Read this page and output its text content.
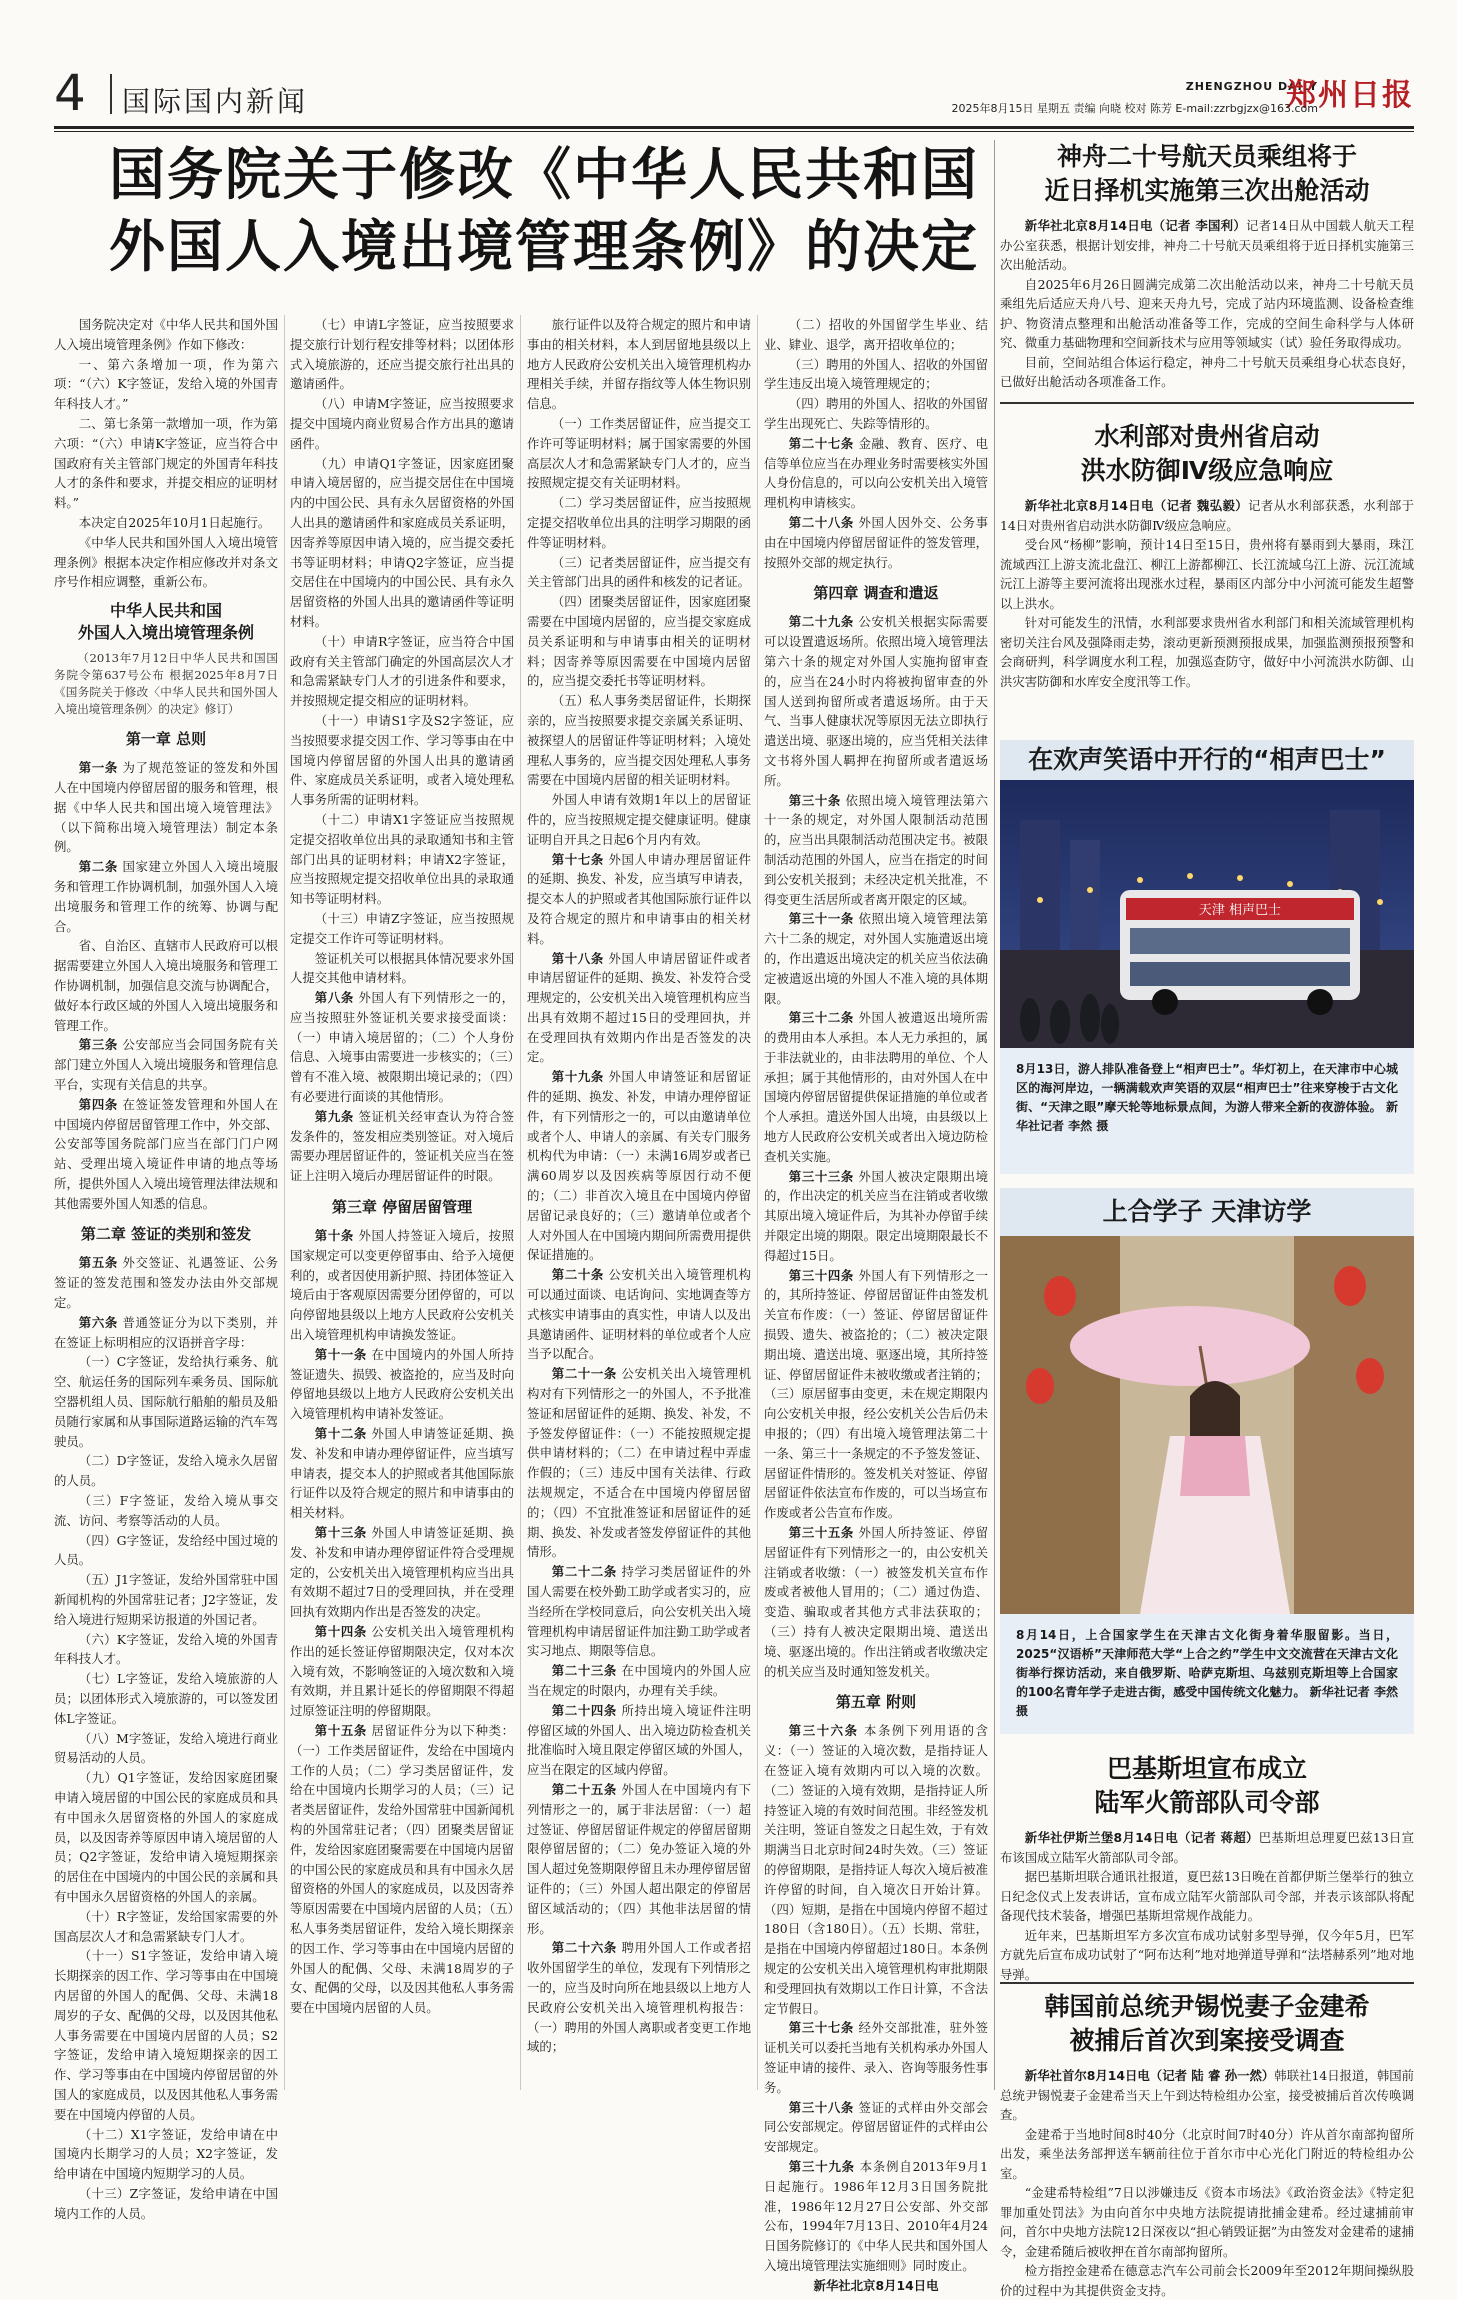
4 国际国内新闻	ZHENGZHOU DAILY
郑州日报
2025年8月15日 星期五 责编 向晓 校对 陈芳 E-mail:zzrbgjzx@163.com
国务院关于修改《中华人民共和国
外国人入境出境管理条例》的决定

国务院决定对《中华人民共和国外国人入境出境管理条例》作如下修改：

一、第六条增加一项，作为第六项：“（六）K字签证，发给入境的外国青年科技人才。”

二、第七条第一款增加一项，作为第六项：“（六）申请K字签证，应当符合中国政府有关主管部门规定的外国青年科技人才的条件和要求，并提交相应的证明材料。”

本决定自2025年10月1日起施行。

《中华人民共和国外国人入境出境管理条例》根据本决定作相应修改并对条文序号作相应调整，重新公布。

中华人民共和国
外国人入境出境管理条例

（2013年7月12日中华人民共和国国务院令第637号公布 根据2025年8月7日《国务院关于修改〈中华人民共和国外国人入境出境管理条例〉的决定》修订）

第一章 总则

第一条 为了规范签证的签发和外国人在中国境内停留居留的服务和管理，根据《中华人民共和国出境入境管理法》（以下简称出境入境管理法）制定本条例。

第二条 国家建立外国人入境出境服务和管理工作协调机制，加强外国人入境出境服务和管理工作的统筹、协调与配合。

省、自治区、直辖市人民政府可以根据需要建立外国人入境出境服务和管理工作协调机制，加强信息交流与协调配合，做好本行政区域的外国人入境出境服务和管理工作。

第三条 公安部应当会同国务院有关部门建立外国人入境出境服务和管理信息平台，实现有关信息的共享。

第四条 在签证签发管理和外国人在中国境内停留居留管理工作中，外交部、公安部等国务院部门应当在部门门户网站、受理出境入境证件申请的地点等场所，提供外国人入境出境管理法律法规和其他需要外国人知悉的信息。

第二章 签证的类别和签发

第五条 外交签证、礼遇签证、公务签证的签发范围和签发办法由外交部规定。

第六条 普通签证分为以下类别，并在签证上标明相应的汉语拼音字母：

（一）C字签证，发给执行乘务、航空、航运任务的国际列车乘务员、国际航空器机组人员、国际航行船舶的船员及船员随行家属和从事国际道路运输的汽车驾驶员。

（二）D字签证，发给入境永久居留的人员。

（三）F字签证，发给入境从事交流、访问、考察等活动的人员。

（四）G字签证，发给经中国过境的人员。

（五）J1字签证，发给外国常驻中国新闻机构的外国常驻记者；J2字签证，发给入境进行短期采访报道的外国记者。

（六）K字签证，发给入境的外国青年科技人才。

（七）L字签证，发给入境旅游的人员；以团体形式入境旅游的，可以签发团体L字签证。

（八）M字签证，发给入境进行商业贸易活动的人员。

（九）Q1字签证，发给因家庭团聚申请入境居留的中国公民的家庭成员和具有中国永久居留资格的外国人的家庭成员，以及因寄养等原因申请入境居留的人员；Q2字签证，发给申请入境短期探亲的居住在中国境内的中国公民的亲属和具有中国永久居留资格的外国人的亲属。

（十）R字签证，发给国家需要的外国高层次人才和急需紧缺专门人才。

（十一）S1字签证，发给申请入境长期探亲的因工作、学习等事由在中国境内居留的外国人的配偶、父母、未满18周岁的子女、配偶的父母，以及因其他私人事务需要在中国境内居留的人员；S2字签证，发给申请入境短期探亲的因工作、学习等事由在中国境内停留居留的外国人的家庭成员，以及因其他私人事务需要在中国境内停留的人员。

（十二）X1字签证，发给申请在中国境内长期学习的人员；X2字签证，发给申请在中国境内短期学习的人员。

（十三）Z字签证，发给申请在中国境内工作的人员。

（七）申请L字签证，应当按照要求提交旅行计划行程安排等材料；以团体形式入境旅游的，还应当提交旅行社出具的邀请函件。

（八）申请M字签证，应当按照要求提交中国境内商业贸易合作方出具的邀请函件。

（九）申请Q1字签证，因家庭团聚申请入境居留的，应当提交居住在中国境内的中国公民、具有永久居留资格的外国人出具的邀请函件和家庭成员关系证明，因寄养等原因申请入境的，应当提交委托书等证明材料；申请Q2字签证，应当提交居住在中国境内的中国公民、具有永久居留资格的外国人出具的邀请函件等证明材料。

（十）申请R字签证，应当符合中国政府有关主管部门确定的外国高层次人才和急需紧缺专门人才的引进条件和要求，并按照规定提交相应的证明材料。

（十一）申请S1字及S2字签证，应当按照要求提交因工作、学习等事由在中国境内停留居留的外国人出具的邀请函件、家庭成员关系证明，或者入境处理私人事务所需的证明材料。

（十二）申请X1字签证应当按照规定提交招收单位出具的录取通知书和主管部门出具的证明材料；申请X2字签证，应当按照规定提交招收单位出具的录取通知书等证明材料。

（十三）申请Z字签证，应当按照规定提交工作许可等证明材料。

签证机关可以根据具体情况要求外国人提交其他申请材料。

第八条 外国人有下列情形之一的，应当按照驻外签证机关要求接受面谈：（一）申请入境居留的；（二）个人身份信息、入境事由需要进一步核实的；（三）曾有不准入境、被限期出境记录的；（四）有必要进行面谈的其他情形。

第九条 签证机关经审查认为符合签发条件的，签发相应类别签证。对入境后需要办理居留证件的，签证机关应当在签证上注明入境后办理居留证件的时限。

第三章 停留居留管理

第十条 外国人持签证入境后，按照国家规定可以变更停留事由、给予入境便利的，或者因使用新护照、持团体签证入境后由于客观原因需要分团停留的，可以向停留地县级以上地方人民政府公安机关出入境管理机构申请换发签证。

第十一条 在中国境内的外国人所持签证遗失、损毁、被盗抢的，应当及时向停留地县级以上地方人民政府公安机关出入境管理机构申请补发签证。

第十二条 外国人申请签证延期、换发、补发和申请办理停留证件，应当填写申请表，提交本人的护照或者其他国际旅行证件以及符合规定的照片和申请事由的相关材料。

第十三条 外国人申请签证延期、换发、补发和申请办理停留证件符合受理规定的，公安机关出入境管理机构应当出具有效期不超过7日的受理回执，并在受理回执有效期内作出是否签发的决定。

第十四条 公安机关出入境管理机构作出的延长签证停留期限决定，仅对本次入境有效，不影响签证的入境次数和入境有效期，并且累计延长的停留期限不得超过原签证注明的停留期限。

第十五条 居留证件分为以下种类：（一）工作类居留证件，发给在中国境内工作的人员；（二）学习类居留证件，发给在中国境内长期学习的人员；（三）记者类居留证件，发给外国常驻中国新闻机构的外国常驻记者；（四）团聚类居留证件，发给因家庭团聚需要在中国境内居留的中国公民的家庭成员和具有中国永久居留资格的外国人的家庭成员，以及因寄养等原因需要在中国境内居留的人员；（五）私人事务类居留证件，发给入境长期探亲的因工作、学习等事由在中国境内居留的外国人的配偶、父母、未满18周岁的子女、配偶的父母，以及因其他私人事务需要在中国境内居留的人员。

旅行证件以及符合规定的照片和申请事由的相关材料，本人到居留地县级以上地方人民政府公安机关出入境管理机构办理相关手续，并留存指纹等人体生物识别信息。

（一）工作类居留证件，应当提交工作许可等证明材料；属于国家需要的外国高层次人才和急需紧缺专门人才的，应当按照规定提交有关证明材料。

（二）学习类居留证件，应当按照规定提交招收单位出具的注明学习期限的函件等证明材料。

（三）记者类居留证件，应当提交有关主管部门出具的函件和核发的记者证。

（四）团聚类居留证件，因家庭团聚需要在中国境内居留的，应当提交家庭成员关系证明和与申请事由相关的证明材料；因寄养等原因需要在中国境内居留的，应当提交委托书等证明材料。

（五）私人事务类居留证件，长期探亲的，应当按照要求提交亲属关系证明、被探望人的居留证件等证明材料；入境处理私人事务的，应当提交因处理私人事务需要在中国境内居留的相关证明材料。

外国人申请有效期1年以上的居留证件的，应当按照规定提交健康证明。健康证明自开具之日起6个月内有效。

第十七条 外国人申请办理居留证件的延期、换发、补发，应当填写申请表，提交本人的护照或者其他国际旅行证件以及符合规定的照片和申请事由的相关材料。

第十八条 外国人申请居留证件或者申请居留证件的延期、换发、补发符合受理规定的，公安机关出入境管理机构应当出具有效期不超过15日的受理回执，并在受理回执有效期内作出是否签发的决定。

第十九条 外国人申请签证和居留证件的延期、换发、补发，申请办理停留证件，有下列情形之一的，可以由邀请单位或者个人、申请人的亲属、有关专门服务机构代为申请：（一）未满16周岁或者已满60周岁以及因疾病等原因行动不便的；（二）非首次入境且在中国境内停留居留记录良好的；（三）邀请单位或者个人对外国人在中国境内期间所需费用提供保证措施的。

第二十条 公安机关出入境管理机构可以通过面谈、电话询问、实地调查等方式核实申请事由的真实性，申请人以及出具邀请函件、证明材料的单位或者个人应当予以配合。

第二十一条 公安机关出入境管理机构对有下列情形之一的外国人，不予批准签证和居留证件的延期、换发、补发，不予签发停留证件：（一）不能按照规定提供申请材料的；（二）在申请过程中弄虚作假的；（三）违反中国有关法律、行政法规规定，不适合在中国境内停留居留的；（四）不宜批准签证和居留证件的延期、换发、补发或者签发停留证件的其他情形。

第二十二条 持学习类居留证件的外国人需要在校外勤工助学或者实习的，应当经所在学校同意后，向公安机关出入境管理机构申请居留证件加注勤工助学或者实习地点、期限等信息。

第二十三条 在中国境内的外国人应当在规定的时限内，办理有关手续。

第二十四条 所持出境入境证件注明停留区域的外国人、出入境边防检查机关批准临时入境且限定停留区域的外国人，应当在限定的区域内停留。

第二十五条 外国人在中国境内有下列情形之一的，属于非法居留：（一）超过签证、停留居留证件规定的停留居留期限停留居留的；（二）免办签证入境的外国人超过免签期限停留且未办理停留居留证件的；（三）外国人超出限定的停留居留区域活动的；（四）其他非法居留的情形。

第二十六条 聘用外国人工作或者招收外国留学生的单位，发现有下列情形之一的，应当及时向所在地县级以上地方人民政府公安机关出入境管理机构报告：（一）聘用的外国人离职或者变更工作地域的；

（二）招收的外国留学生毕业、结业、肄业、退学，离开招收单位的；

（三）聘用的外国人、招收的外国留学生违反出境入境管理规定的；

（四）聘用的外国人、招收的外国留学生出现死亡、失踪等情形的。

第二十七条 金融、教育、医疗、电信等单位应当在办理业务时需要核实外国人身份信息的，可以向公安机关出入境管理机构申请核实。

第二十八条 外国人因外交、公务事由在中国境内停留居留证件的签发管理，按照外交部的规定执行。

第四章 调查和遣返

第二十九条 公安机关根据实际需要可以设置遣返场所。依照出境入境管理法第六十条的规定对外国人实施拘留审查的，应当在24小时内将被拘留审查的外国人送到拘留所或者遣返场所。由于天气、当事人健康状况等原因无法立即执行遣送出境、驱逐出境的，应当凭相关法律文书将外国人羁押在拘留所或者遣返场所。

第三十条 依照出境入境管理法第六十一条的规定，对外国人限制活动范围的，应当出具限制活动范围决定书。被限制活动范围的外国人，应当在指定的时间到公安机关报到；未经决定机关批准，不得变更生活居所或者离开限定的区域。

第三十一条 依照出境入境管理法第六十二条的规定，对外国人实施遣返出境的，作出遣返出境决定的机关应当依法确定被遣返出境的外国人不准入境的具体期限。

第三十二条 外国人被遣返出境所需的费用由本人承担。本人无力承担的，属于非法就业的，由非法聘用的单位、个人承担；属于其他情形的，由对外国人在中国境内停留居留提供保证措施的单位或者个人承担。遣送外国人出境，由县级以上地方人民政府公安机关或者出入境边防检查机关实施。

第三十三条 外国人被决定限期出境的，作出决定的机关应当在注销或者收缴其原出境入境证件后，为其补办停留手续并限定出境的期限。限定出境期限最长不得超过15日。

第三十四条 外国人有下列情形之一的，其所持签证、停留居留证件由签发机关宣布作废：（一）签证、停留居留证件损毁、遗失、被盗抢的；（二）被决定限期出境、遣送出境、驱逐出境，其所持签证、停留居留证件未被收缴或者注销的；（三）原居留事由变更，未在规定期限内向公安机关申报，经公安机关公告后仍未申报的；（四）有出境入境管理法第二十一条、第三十一条规定的不予签发签证、居留证件情形的。签发机关对签证、停留居留证件依法宣布作废的，可以当场宣布作废或者公告宣布作废。

第三十五条 外国人所持签证、停留居留证件有下列情形之一的，由公安机关注销或者收缴：（一）被签发机关宣布作废或者被他人冒用的；（二）通过伪造、变造、骗取或者其他方式非法获取的；（三）持有人被决定限期出境、遣送出境、驱逐出境的。作出注销或者收缴决定的机关应当及时通知签发机关。

第五章 附则

第三十六条 本条例下列用语的含义：（一）签证的入境次数，是指持证人在签证入境有效期内可以入境的次数。（二）签证的入境有效期，是指持证人所持签证入境的有效时间范围。非经签发机关注明，签证自签发之日起生效，于有效期满当日北京时间24时失效。（三）签证的停留期限，是指持证人每次入境后被准许停留的时间，自入境次日开始计算。（四）短期，是指在中国境内停留不超过180日（含180日）。（五）长期、常驻，是指在中国境内停留超过180日。本条例规定的公安机关出入境管理机构审批期限和受理回执有效期以工作日计算，不含法定节假日。

第三十七条 经外交部批准，驻外签证机关可以委托当地有关机构承办外国人签证申请的接件、录入、咨询等服务性事务。

第三十八条 签证的式样由外交部会同公安部规定。停留居留证件的式样由公安部规定。

第三十九条 本条例自2013年9月1日起施行。1986年12月3日国务院批准，1986年12月27日公安部、外交部公布，1994年7月13日、2010年4月24日国务院修订的《中华人民共和国外国人入境出境管理法实施细则》同时废止。

新华社北京8月14日电

神舟二十号航天员乘组将于
近日择机实施第三次出舱活动

新华社北京8月14日电（记者 李国利）记者14日从中国载人航天工程办公室获悉，根据计划安排，神舟二十号航天员乘组将于近日择机实施第三次出舱活动。

自2025年6月26日圆满完成第二次出舱活动以来，神舟二十号航天员乘组先后适应天舟八号、迎来天舟九号，完成了站内环境监测、设备检查维护、物资清点整理和出舱活动准备等工作，完成的空间生命科学与人体研究、微重力基础物理和空间新技术与应用等领域实（试）验任务取得成功。

目前，空间站组合体运行稳定，神舟二十号航天员乘组身心状态良好，已做好出舱活动各项准备工作。

水利部对贵州省启动
洪水防御Ⅳ级应急响应

新华社北京8月14日电（记者 魏弘毅）记者从水利部获悉，水利部于14日对贵州省启动洪水防御Ⅳ级应急响应。

受台风“杨柳”影响，预计14日至15日，贵州将有暴雨到大暴雨，珠江流域西江上游支流北盘江、柳江上游都柳江、长江流域乌江上游、沅江流域沅江上游等主要河流将出现涨水过程，暴雨区内部分中小河流可能发生超警以上洪水。

针对可能发生的汛情，水利部要求贵州省水利部门和相关流域管理机构密切关注台风及强降雨走势，滚动更新预测预报成果，加强监测预报预警和会商研判，科学调度水利工程，加强巡查防守，做好中小河流洪水防御、山洪灾害防御和水库安全度汛等工作。

在欢声笑语中开行的“相声巴士”
天津 相声巴士
8月13日，游人排队准备登上“相声巴士”。华灯初上，在天津市中心城区的海河岸边，一辆满载欢声笑语的双层“相声巴士”往来穿梭于古文化街、“天津之眼”摩天轮等地标景点间，为游人带来全新的夜游体验。 新华社记者 李然 摄
上合学子 天津访学
8月14日，上合国家学生在天津古文化街身着华服留影。当日，2025“汉语桥”天津师范大学“上合之约”学生中文交流营在天津古文化街举行探访活动，来自俄罗斯、哈萨克斯坦、乌兹别克斯坦等上合国家的100名青年学子走进古街，感受中国传统文化魅力。 新华社记者 李然 摄
巴基斯坦宣布成立
陆军火箭部队司令部

新华社伊斯兰堡8月14日电（记者 蒋超）巴基斯坦总理夏巴兹13日宣布该国成立陆军火箭部队司令部。

据巴基斯坦联合通讯社报道，夏巴兹13日晚在首都伊斯兰堡举行的独立日纪念仪式上发表讲话，宣布成立陆军火箭部队司令部，并表示该部队将配备现代技术装备，增强巴基斯坦常规作战能力。

近年来，巴基斯坦军方多次宣布成功试射多型导弹，仅今年5月，巴军方就先后宣布成功试射了“阿布达利”地对地弹道导弹和“法塔赫系列”地对地导弹。

韩国前总统尹锡悦妻子金建希
被捕后首次到案接受调查

新华社首尔8月14日电（记者 陆 睿 孙一然）韩联社14日报道，韩国前总统尹锡悦妻子金建希当天上午到达特检组办公室，接受被捕后首次传唤调查。

金建希于当地时间8时40分（北京时间7时40分）许从首尔南部拘留所出发，乘坐法务部押送车辆前往位于首尔市中心光化门附近的特检组办公室。

“金建希特检组”7日以涉嫌违反《资本市场法》《政治资金法》《特定犯罪加重处罚法》为由向首尔中央地方法院提请批捕金建希。经过逮捕前审问，首尔中央地方法院12日深夜以“担心销毁证据”为由签发对金建希的逮捕令，金建希随后被收押在首尔南部拘留所。

检方指控金建希在德意志汽车公司前会长2009年至2012年期间操纵股价的过程中为其提供资金支持。
